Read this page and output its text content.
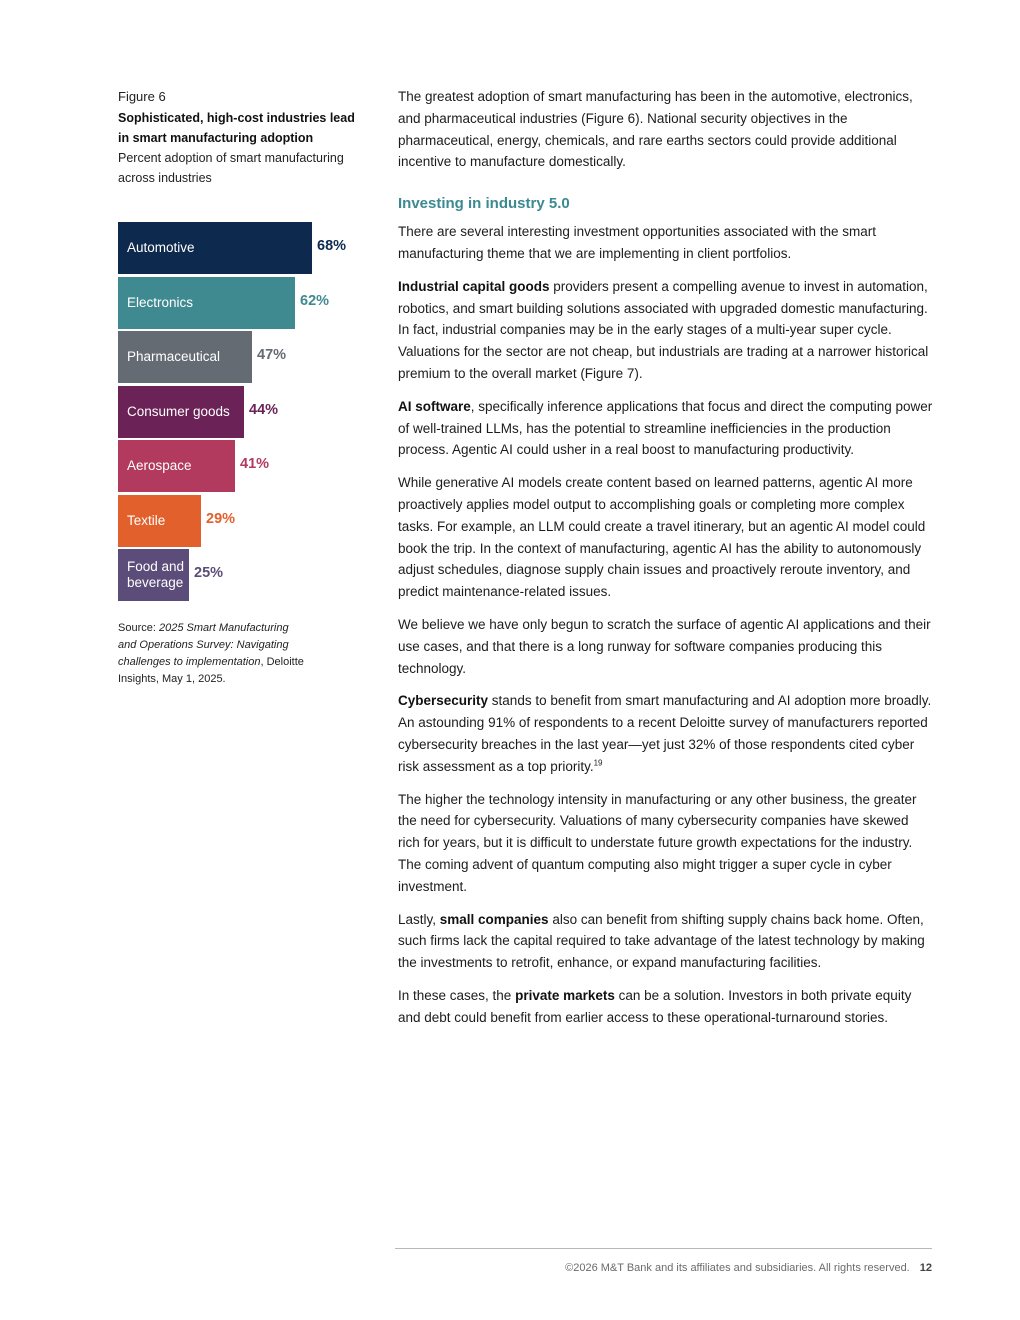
Figure 6

Sophisticated, high-cost industries lead in smart manufacturing adoption

Percent adoption of smart manufacturing across industries

Automotive	68%
Electronics	62%
Pharmaceutical	47%
Consumer goods 44%
Aerospace	41%
Textile	29%
Food and
beverage
25%
Source: 2025 Smart Manufacturing and Operations Survey: Navigating challenges to implementation, Deloitte Insights, May 1, 2025.

The greatest adoption of smart manufacturing has been in the automotive, electronics, and pharmaceutical industries (Figure 6). National security objectives in the pharmaceutical, energy, chemicals, and rare earths sectors could provide additional incentive to manufacture domestically.

Investing in industry 5.0

There are several interesting investment opportunities associated with the smart manufacturing theme that we are implementing in client portfolios.

Industrial capital goods providers present a compelling avenue to invest in automation, robotics, and smart building solutions associated with upgraded domestic manufacturing. In fact, industrial companies may be in the early stages of a multi-year super cycle. Valuations for the sector are not cheap, but industrials are trading at a narrower historical premium to the overall market (Figure 7).

AI software, specifically inference applications that focus and direct the computing power of well-trained LLMs, has the potential to streamline inefficiencies in the production process. Agentic AI could usher in a real boost to manufacturing productivity.

While generative AI models create content based on learned patterns, agentic AI more proactively applies model output to accomplishing goals or completing more complex tasks. For example, an LLM could create a travel itinerary, but an agentic AI model could book the trip. In the context of manufacturing, agentic AI has the ability to autonomously adjust schedules, diagnose supply chain issues and proactively reroute inventory, and predict maintenance-related issues.

We believe we have only begun to scratch the surface of agentic AI applications and their use cases, and that there is a long runway for software companies producing this technology.

Cybersecurity stands to benefit from smart manufacturing and AI adoption more broadly. An astounding 91% of respondents to a recent Deloitte survey of manufacturers reported cybersecurity breaches in the last year—yet just 32% of those respondents cited cyber risk assessment as a top priority.$^{19}$

The higher the technology intensity in manufacturing or any other business, the greater the need for cybersecurity. Valuations of many cybersecurity companies have skewed rich for years, but it is difficult to understate future growth expectations for the industry. The coming advent of quantum computing also might trigger a super cycle in cyber investment.

Lastly, small companies also can benefit from shifting supply chains back home. Often, such firms lack the capital required to take advantage of the latest technology by making the investments to retrofit, enhance, or expand manufacturing facilities.

In these cases, the private markets can be a solution. Investors in both private equity and debt could benefit from earlier access to these operational-turnaround stories.

©2026 M&T Bank and its affiliates and subsidiaries. All rights reserved. 12
